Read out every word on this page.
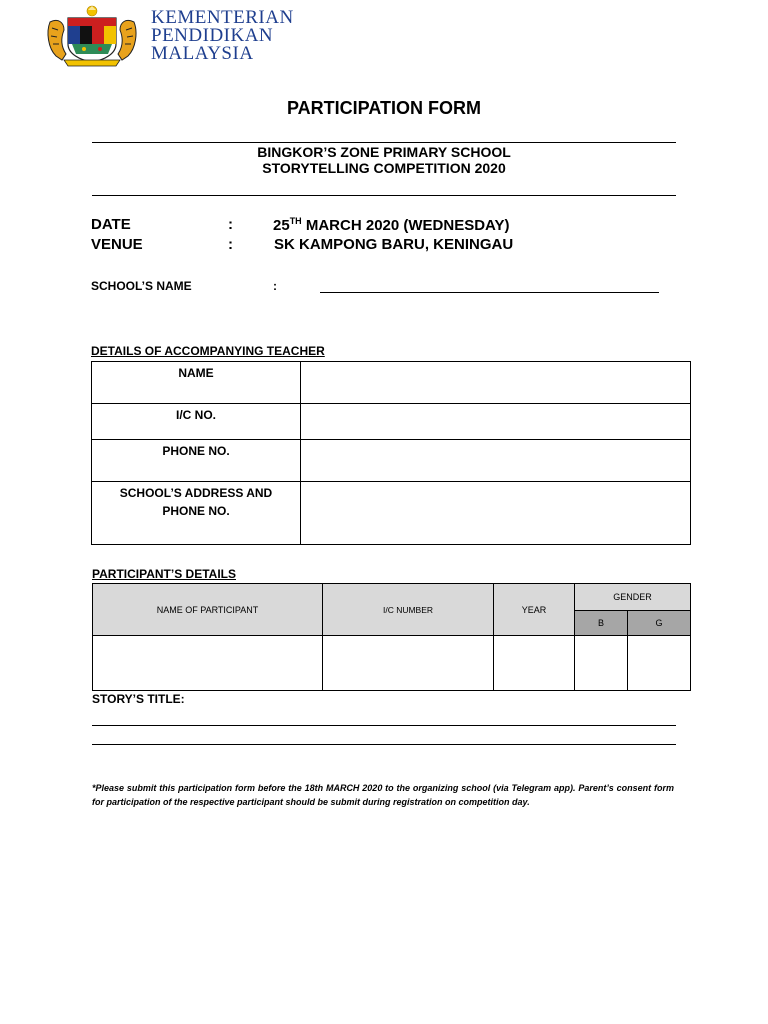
KEMENTERIAN
PENDIDIKAN
MALAYSIA
PARTICIPATION FORM
BINGKOR’S ZONE PRIMARY SCHOOL
STORYTELLING COMPETITION 2020
DATE	:	25TH MARCH 2020 (WEDNESDAY)
VENUE	:	SK KAMPONG BARU, KENINGAU
SCHOOL’S NAME	:
DETAILS OF ACCOMPANYING TEACHER
NAME	
I/C NO.	
PHONE NO.	
SCHOOL’S ADDRESS AND PHONE NO.	
PARTICIPANT’S DETAILS
NAME OF PARTICIPANT	I/C NUMBER	YEAR	GENDER	
			B	G

STORY’S TITLE:
*Please submit this participation form before the 18th MARCH 2020 to the organizing school (via Telegram app). Parent’s consent form for participation of the respective participant should be submit during registration on competition day.
